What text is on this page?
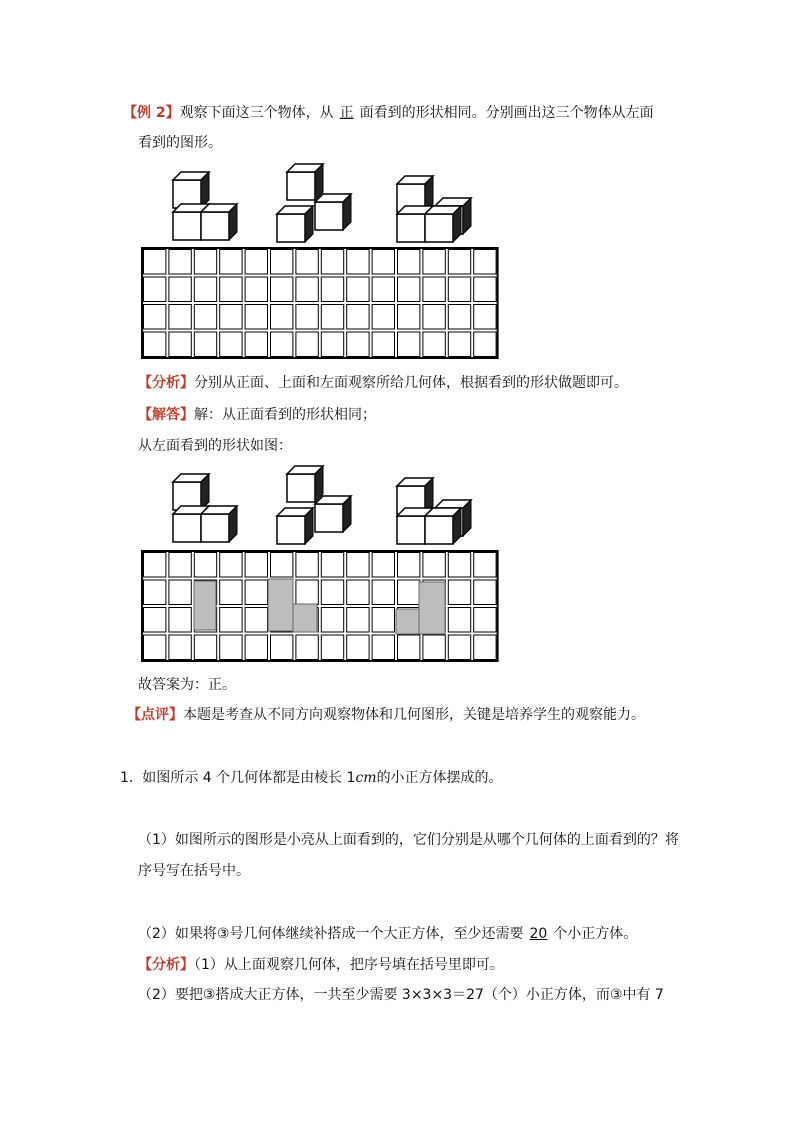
【例 2】观察下面这三个物体，从 正 面看到的形状相同。分别画出这三个物体从左面
看到的图形。
【分析】分别从正面、上面和左面观察所给几何体，根据看到的形状做题即可。
【解答】解：从正面看到的形状相同；
从左面看到的形状如图：
故答案为：正。
【点评】本题是考查从不同方向观察物体和几何图形，关键是培养学生的观察能力。
1. 如图所示 4 个几何体都是由棱长 1cm的小正方体摆成的。
（1）如图所示的图形是小亮从上面看到的，它们分别是从哪个几何体的上面看到的？将
序号写在括号中。
（2）如果将③号几何体继续补搭成一个大正方体，至少还需要 20 个小正方体。
【分析】（1）从上面观察几何体，把序号填在括号里即可。
（2）要把③搭成大正方体，一共至少需要 3×3×3＝27（个）小正方体，而③中有 7
